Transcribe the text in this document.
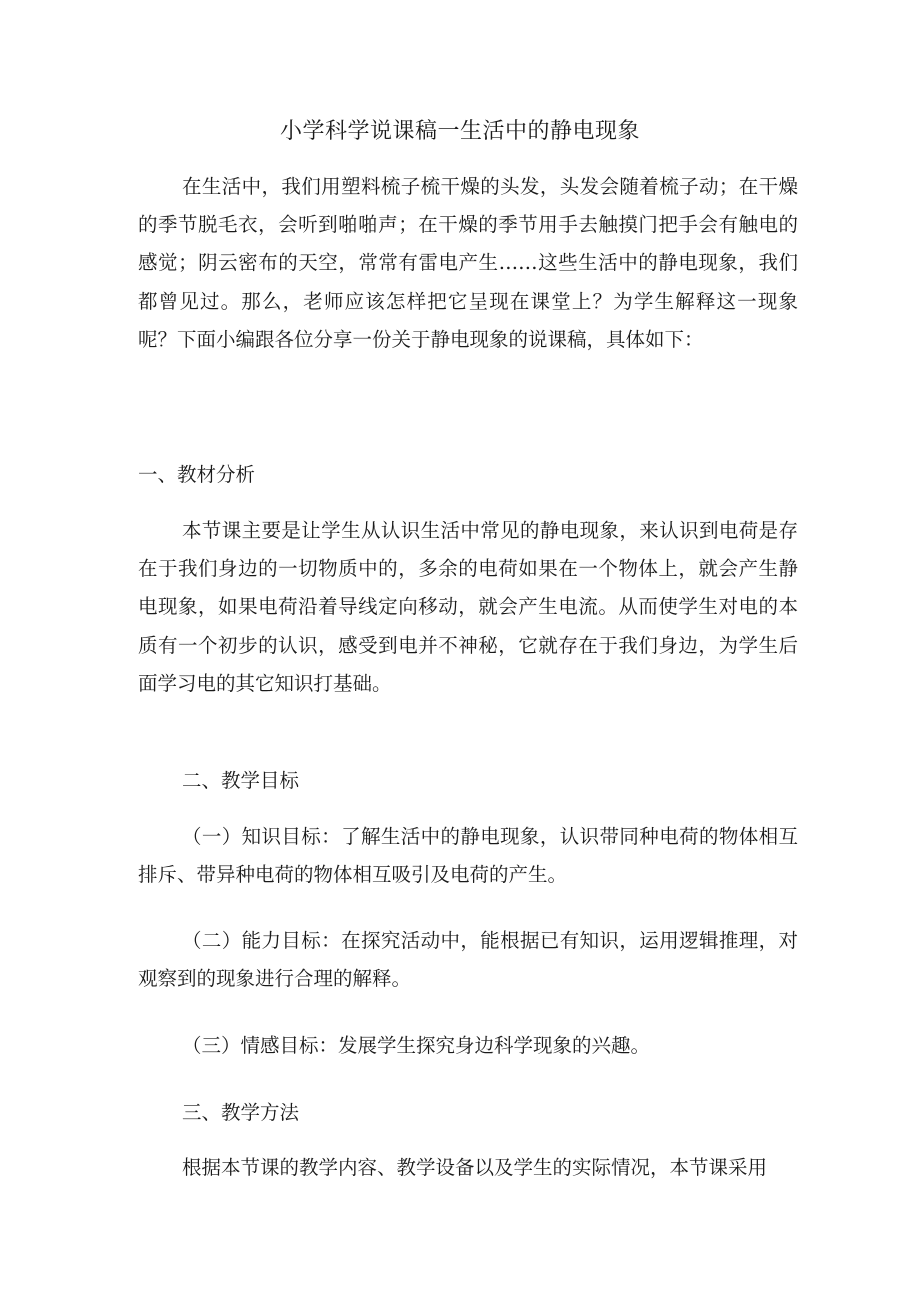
小学科学说课稿一生活中的静电现象

在生活中，我们用塑料梳子梳干燥的头发，头发会随着梳子动；在干燥的季节脱毛衣，会听到啪啪声；在干燥的季节用手去触摸门把手会有触电的感觉；阴云密布的天空，常常有雷电产生……这些生活中的静电现象，我们都曾见过。那么，老师应该怎样把它呈现在课堂上？为学生解释这一现象呢？下面小编跟各位分享一份关于静电现象的说课稿，具体如下：

一、教材分析

本节课主要是让学生从认识生活中常见的静电现象，来认识到电荷是存在于我们身边的一切物质中的，多余的电荷如果在一个物体上，就会产生静电现象，如果电荷沿着导线定向移动，就会产生电流。从而使学生对电的本质有一个初步的认识，感受到电并不神秘，它就存在于我们身边，为学生后面学习电的其它知识打基础。

二、教学目标

（一）知识目标：了解生活中的静电现象，认识带同种电荷的物体相互排斥、带异种电荷的物体相互吸引及电荷的产生。

（二）能力目标：在探究活动中，能根据已有知识，运用逻辑推理，对观察到的现象进行合理的解释。

（三）情感目标：发展学生探究身边科学现象的兴趣。

三、教学方法

根据本节课的教学内容、教学设备以及学生的实际情况，本节课采用
